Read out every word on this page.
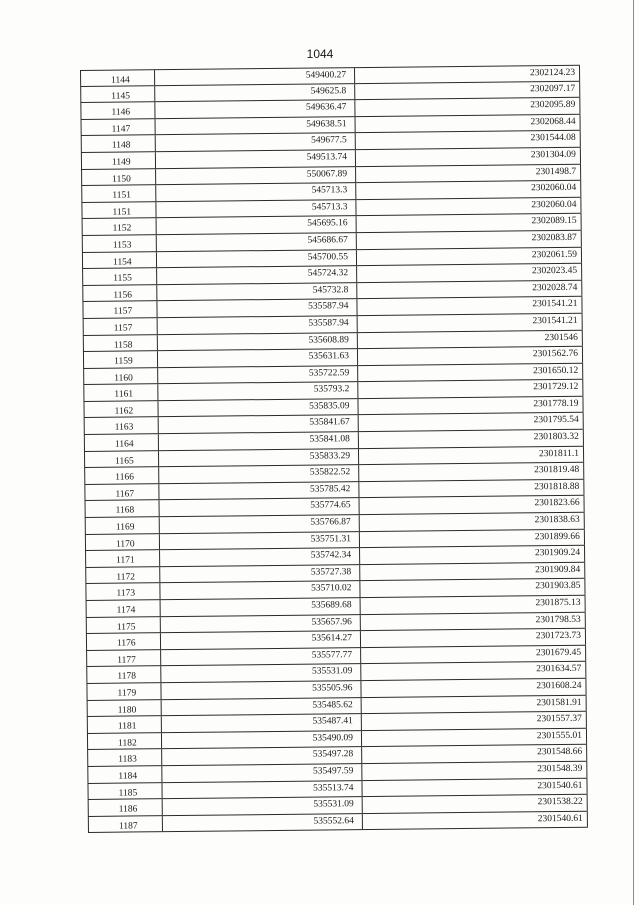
1044
1144	549400.27	2302124.23
1145	549625.8	2302097.17
1146	549636.47	2302095.89
1147	549638.51	2302068.44
1148	549677.5	2301544.08
1149	549513.74	2301304.09
1150	550067.89	2301498.7
1151	545713.3	2302060.04
1151	545713.3	2302060.04
1152	545695.16	2302089.15
1153	545686.67	2302083.87
1154	545700.55	2302061.59
1155	545724.32	2302023.45
1156	545732.8	2302028.74
1157	535587.94	2301541.21
1157	535587.94	2301541.21
1158	535608.89	2301546
1159	535631.63	2301562.76
1160	535722.59	2301650.12
1161	535793.2	2301729.12
1162	535835.09	2301778.19
1163	535841.67	2301795.54
1164	535841.08	2301803.32
1165	535833.29	2301811.1
1166	535822.52	2301819.48
1167	535785.42	2301818.88
1168	535774.65	2301823.66
1169	535766.87	2301838.63
1170	535751.31	2301899.66
1171	535742.34	2301909.24
1172	535727.38	2301909.84
1173	535710.02	2301903.85
1174	535689.68	2301875.13
1175	535657.96	2301798.53
1176	535614.27	2301723.73
1177	535577.77	2301679.45
1178	535531.09	2301634.57
1179	535505.96	2301608.24
1180	535485.62	2301581.91
1181	535487.41	2301557.37
1182	535490.09	2301555.01
1183	535497.28	2301548.66
1184	535497.59	2301548.39
1185	535513.74	2301540.61
1186	535531.09	2301538.22
1187	535552.64	2301540.61
